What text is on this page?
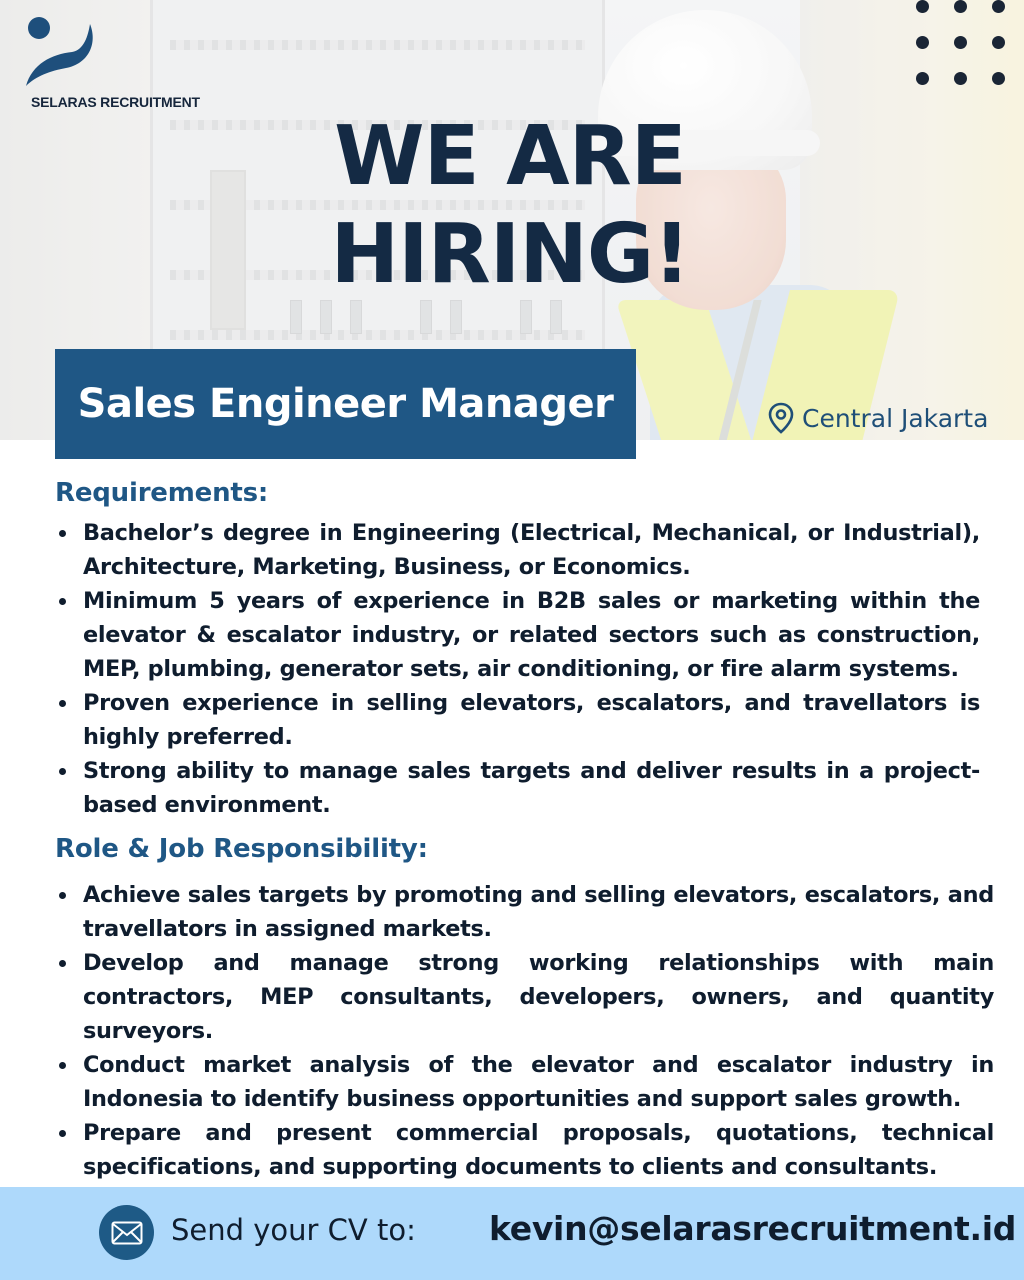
SELARAS RECRUITMENT
WE ARE
HIRING!
Sales Engineer Manager	Central Jakarta
Requirements:
Bachelor’s degree in Engineering (Electrical, Mechanical, or Industrial), Architecture, Marketing, Business, or Economics.
Minimum 5 years of experience in B2B sales or marketing within the elevator & escalator industry, or related sectors such as construction, MEP, plumbing, generator sets, air conditioning, or fire alarm systems.
Proven experience in selling elevators, escalators, and travellators is highly preferred.
Strong ability to manage sales targets and deliver results in a project-based environment.
Role & Job Responsibility:
Achieve sales targets by promoting and selling elevators, escalators, and travellators in assigned markets.
Develop and manage strong working relationships with main contractors, MEP consultants, developers, owners, and quantity surveyors.
Conduct market analysis of the elevator and escalator industry in Indonesia to identify business opportunities and support sales growth.
Prepare and present commercial proposals, quotations, technical specifications, and supporting documents to clients and consultants.
Send your CV to: kevin@selarasrecruitment.id
